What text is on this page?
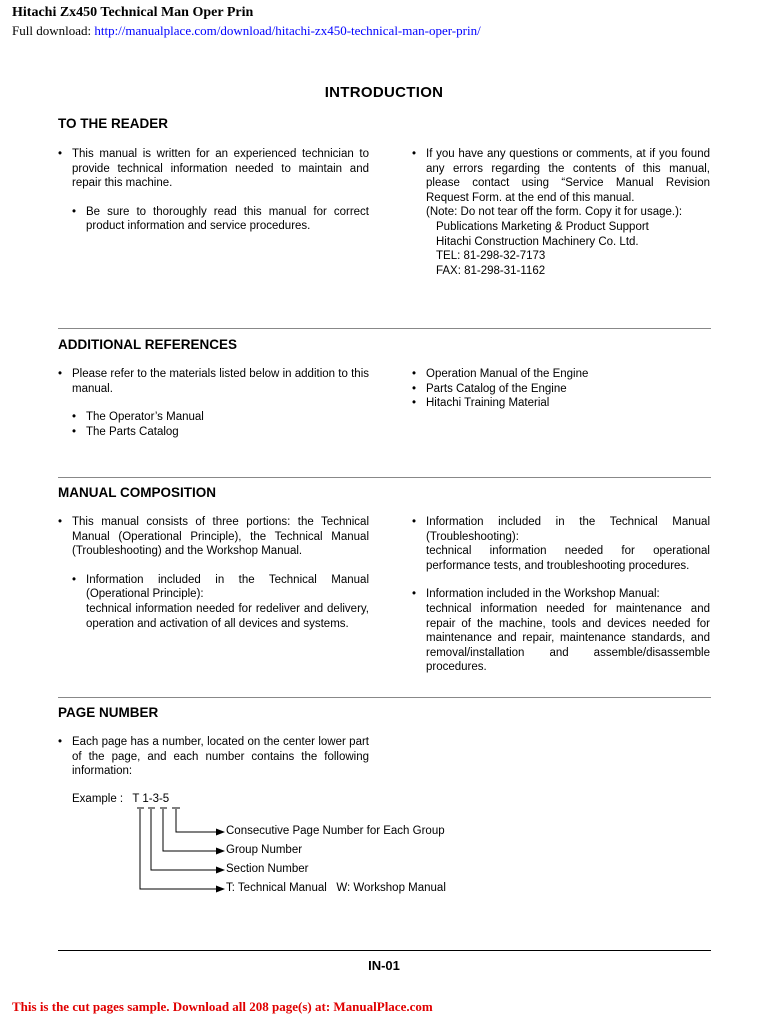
Hitachi Zx450 Technical Man Oper Prin
Full download: http://manualplace.com/download/hitachi-zx450-technical-man-oper-prin/
INTRODUCTION
TO THE READER

• This manual is written for an experienced technician to provide technical information needed to maintain and repair this machine.

• Be sure to thoroughly read this manual for correct product information and service procedures.

• If you have any questions or comments, at if you found any errors regarding the contents of this manual, please contact using “Service Manual Revision Request Form. at the end of this manual.

(Note: Do not tear off the form. Copy it for usage.):

Publications Marketing & Product Support

Hitachi Construction Machinery Co. Ltd.

TEL: 81-298-32-7173

FAX: 81-298-31-1162

ADDITIONAL REFERENCES

• Please refer to the materials listed below in addition to this manual.

• The Operator’s Manual

• The Parts Catalog

• Operation Manual of the Engine

• Parts Catalog of the Engine

• Hitachi Training Material

MANUAL COMPOSITION

• This manual consists of three portions: the Technical Manual (Operational Principle), the Technical Manual (Troubleshooting) and the Workshop Manual.

• Information included in the Technical Manual (Operational Principle):

technical information needed for redeliver and delivery, operation and activation of all devices and systems.

• Information included in the Technical Manual (Troubleshooting):

technical information needed for operational performance tests, and troubleshooting procedures.

• Information included in the Workshop Manual:

technical information needed for maintenance and repair of the machine, tools and devices needed for maintenance and repair, maintenance standards, and removal/installation and assemble/disassemble procedures.

PAGE NUMBER

• Each page has a number, located on the center lower part of the page, and each number contains the following information:

Example : T 1-3-5
Consecutive Page Number for Each Group
Group Number
Section Number
T: Technical Manual   W: Workshop Manual
IN-01
This is the cut pages sample. Download all 208 page(s) at: ManualPlace.com
